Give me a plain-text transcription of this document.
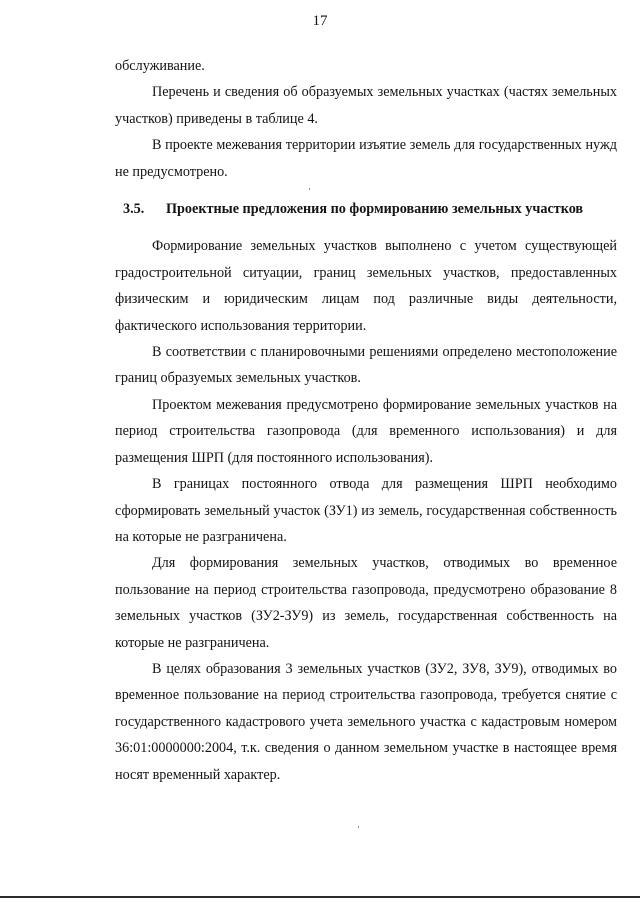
17

обслуживание.

Перечень и сведения об образуемых земельных участках (частях земельных участков) приведены в таблице 4.

В проекте межевания территории изъятие земель для государственных нужд не предусмотрено.

3.5. Проектные предложения по формированию земельных участков

Формирование земельных участков выполнено с учетом существующей градостроительной ситуации, границ земельных участков, предоставленных физическим и юридическим лицам под различные виды деятельности, фактического использования территории.

В соответствии с планировочными решениями определено местоположение границ образуемых земельных участков.

Проектом межевания предусмотрено формирование земельных участков на период строительства газопровода (для временного использования) и для размещения ШРП (для постоянного использования).

В границах постоянного отвода для размещения ШРП необходимо сформировать земельный участок (ЗУ1) из земель, государственная собственность на которые не разграничена.

Для формирования земельных участков, отводимых во временное пользование на период строительства газопровода, предусмотрено образование 8 земельных участков (ЗУ2-ЗУ9) из земель, государственная собственность на которые не разграничена.

В целях образования 3 земельных участков (ЗУ2, ЗУ8, ЗУ9), отводимых во временное пользование на период строительства газопровода, требуется снятие с государственного кадастрового учета земельного участка с кадастровым номером 36:01:0000000:2004, т.к. сведения о данном земельном участке в настоящее время носят временный характер.
